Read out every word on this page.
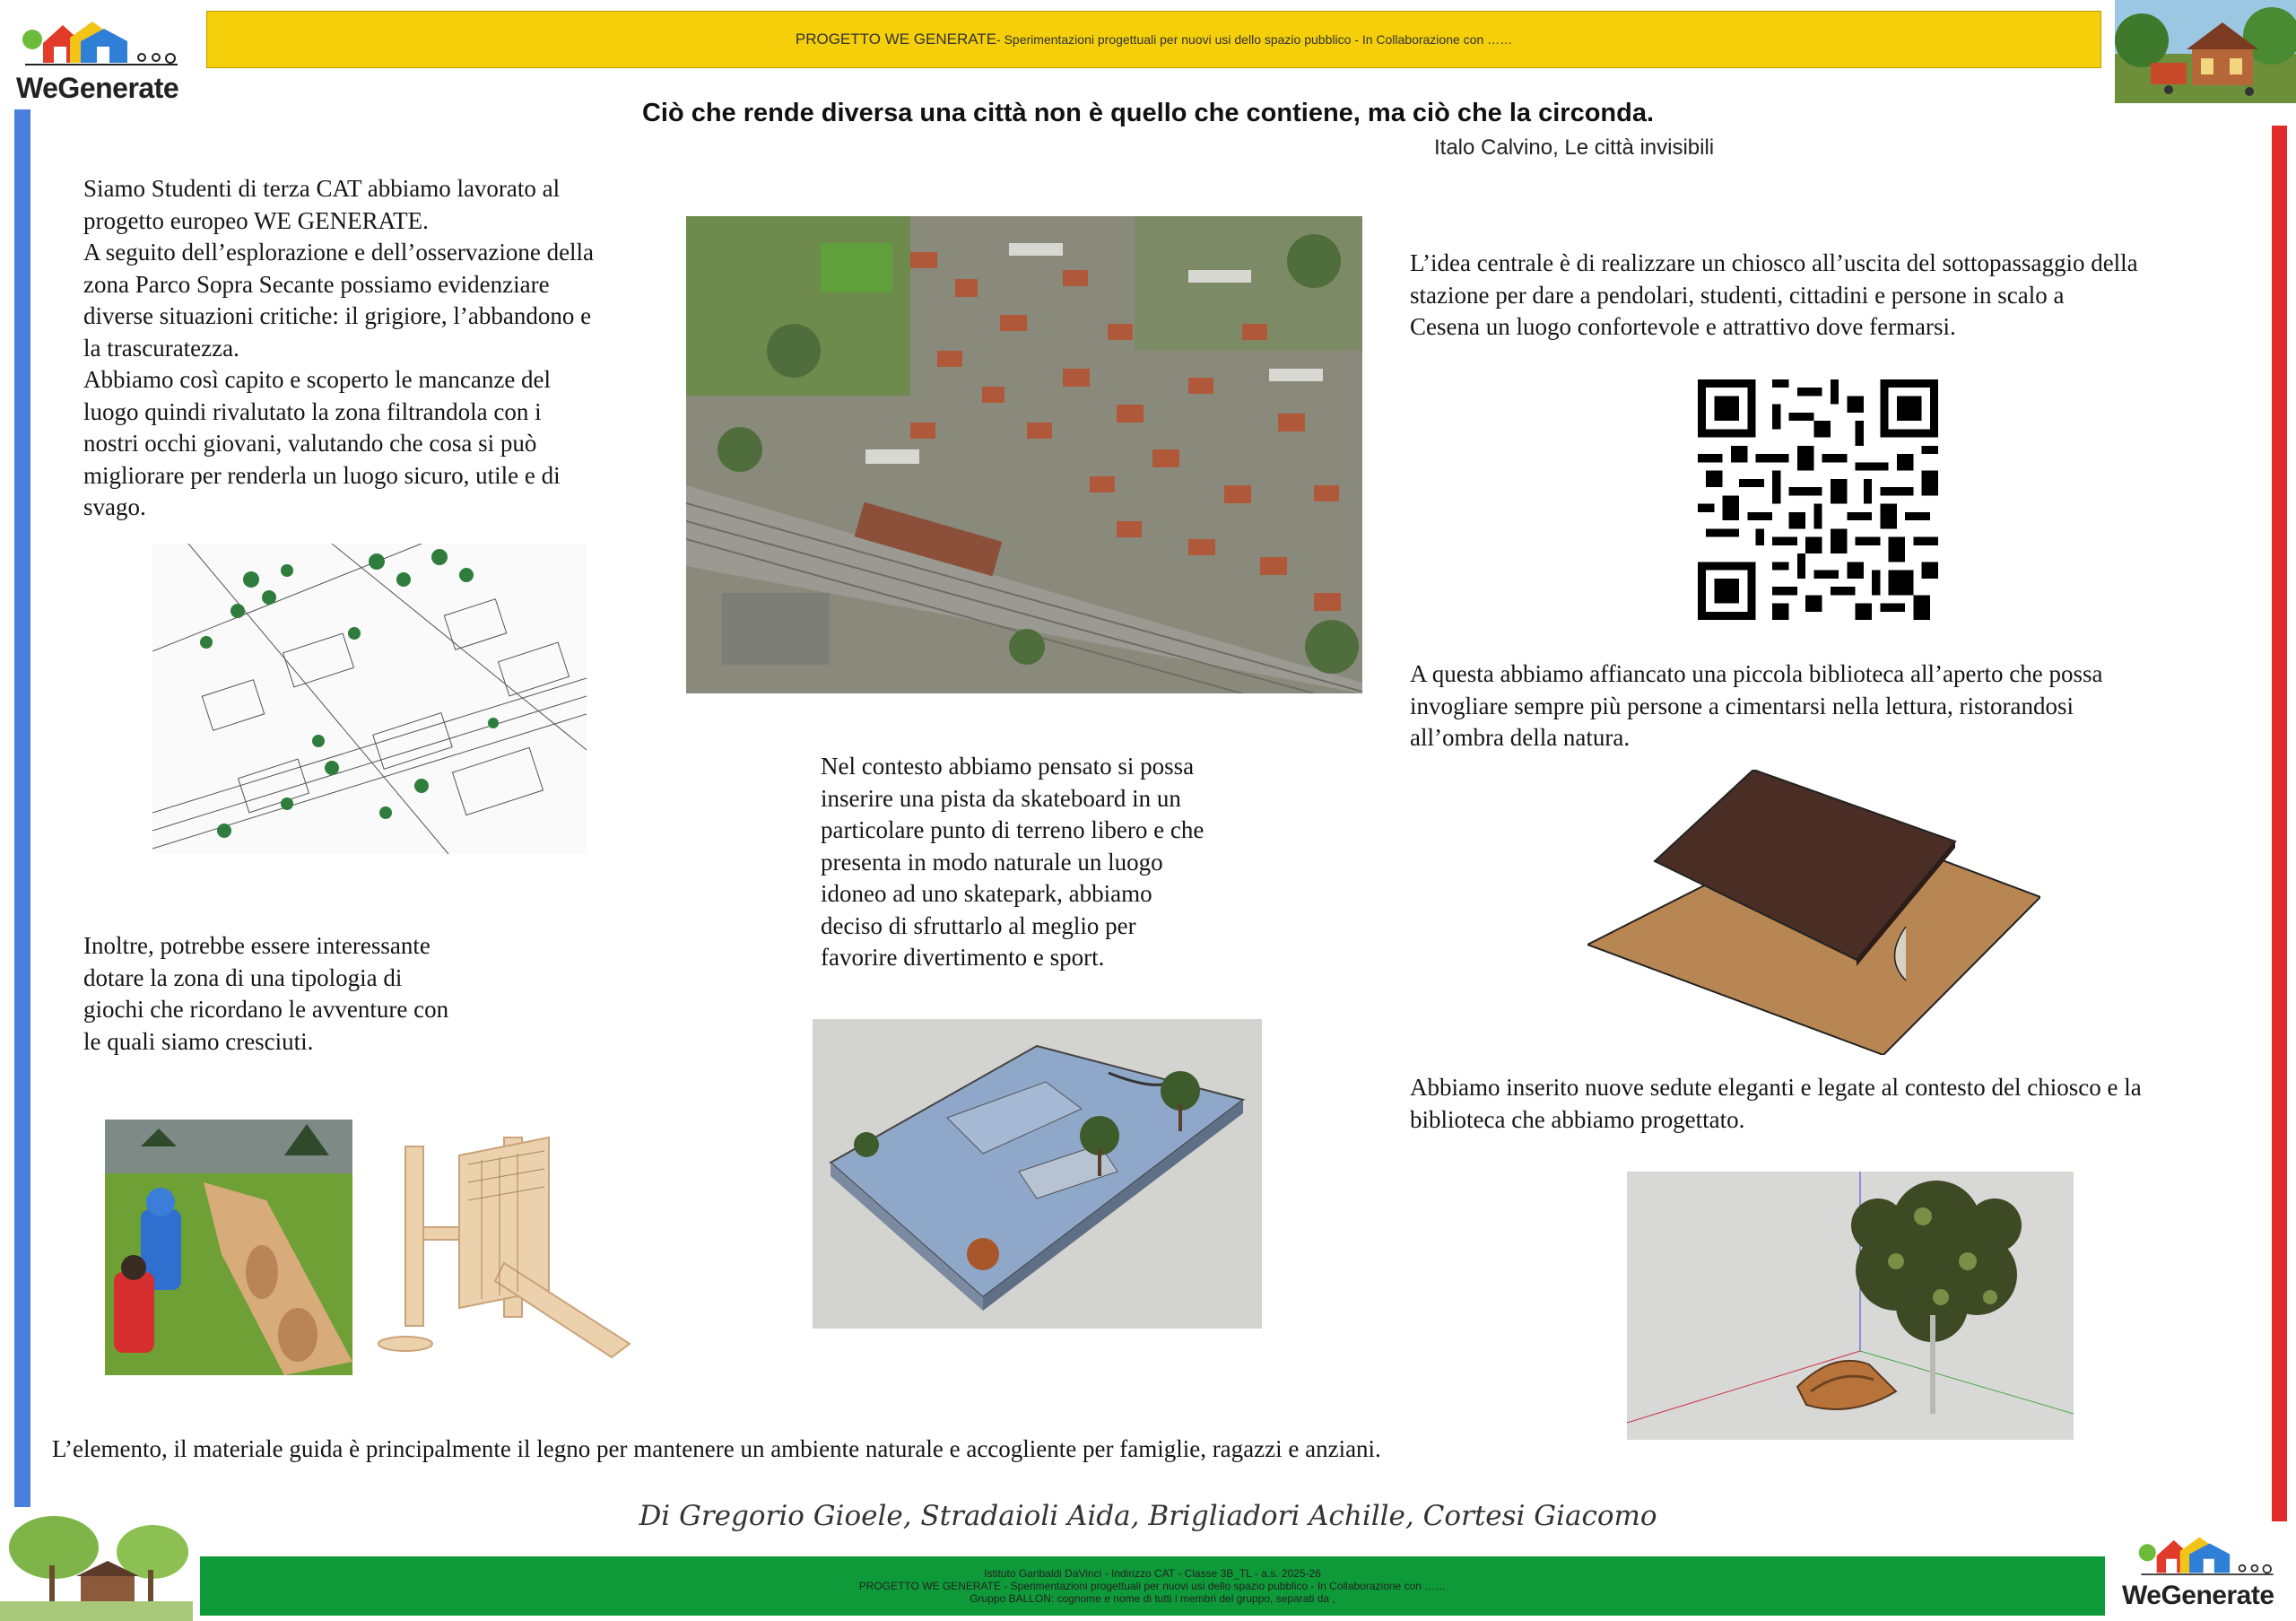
WeGenerate
PROGETTO WE GENERATE - Sperimentazioni progettuali per nuovi usi dello spazio pubblico - In Collaborazione con ……
Ciò che rende diversa una città non è quello che contiene, ma ciò che la circonda.
Italo Calvino, Le città invisibili
Siamo Studenti di terza CAT abbiamo lavorato al
progetto europeo WE GENERATE.
A seguito dell’esplorazione e dell’osservazione della
zona Parco Sopra Secante possiamo evidenziare
diverse situazioni critiche: il grigiore, l’abbandono e
la trascuratezza.
Abbiamo così capito e scoperto le mancanze del
luogo quindi rivalutato la zona filtrandola con i
nostri occhi giovani, valutando che cosa si può
migliorare per renderla un luogo sicuro, utile e di
svago.
Inoltre, potrebbe essere interessante
dotare la zona di una tipologia di
giochi che ricordano le avventure con
le quali siamo cresciuti.
Nel contesto abbiamo pensato si possa
inserire una pista da skateboard in un
particolare punto di terreno libero e che
presenta in modo naturale un luogo
idoneo ad uno skatepark, abbiamo
deciso di sfruttarlo al meglio per
favorire divertimento e sport.
L’idea centrale è di realizzare un chiosco all’uscita del sottopassaggio della
stazione per dare a pendolari, studenti, cittadini e persone in scalo a
Cesena un luogo confortevole e attrattivo dove fermarsi.
A questa abbiamo affiancato una piccola biblioteca all’aperto che possa
invogliare sempre più persone a cimentarsi nella lettura, ristorandosi
all’ombra della natura.
Abbiamo inserito nuove sedute eleganti e legate al contesto del chiosco e la
biblioteca che abbiamo progettato.
L’elemento, il materiale guida è principalmente il legno per mantenere un ambiente naturale e accogliente per famiglie, ragazzi e anziani.
Di Gregorio Gioele, Stradaioli Aida, Brigliadori Achille, Cortesi Giacomo
Istituto Garibaldi DaVinci - Indirizzo CAT - Classe 3B_TL - a.s. 2025-26
PROGETTO WE GENERATE - Sperimentazioni progettuali per nuovi usi dello spazio pubblico - In Collaborazione con ……
Gruppo BALLON: cognome e nome di tutti i membri del gruppo, separati da ,	WeGenerate
